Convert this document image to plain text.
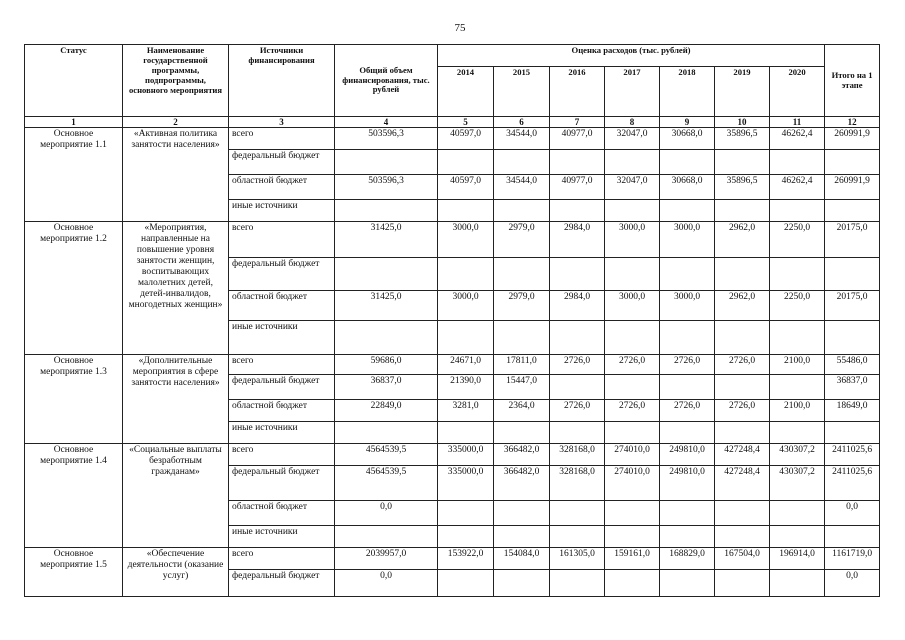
75
Статус	Наименование государственной программы, подпрограммы, основного мероприятия	Источники финансирования	Общий объем финансирования, тыс. рублей	Оценка расходов (тыс. рублей)							Итого на 1 этапе
				2014	2015	2016	2017	2018	2019	2020	
1	2	3	4	5	6	7	8	9	10	11	12
Основное мероприятие 1.1	«Активная политика занятости населения»	всего	503596,3	40597,0	34544,0	40977,0	32047,0	30668,0	35896,5	46262,4	260991,9
		федеральный бюджет									
		областной бюджет	503596,3	40597,0	34544,0	40977,0	32047,0	30668,0	35896,5	46262,4	260991,9
		иные источники									
Основное мероприятие 1.2	«Мероприятия, направленные на повышение уровня занятости женщин, воспитывающих малолетних детей, детей-инвалидов, многодетных женщин»	всего	31425,0	3000,0	2979,0	2984,0	3000,0	3000,0	2962,0	2250,0	20175,0
		федеральный бюджет									
		областной бюджет	31425,0	3000,0	2979,0	2984,0	3000,0	3000,0	2962,0	2250,0	20175,0
		иные источники									
Основное мероприятие 1.3	«Дополнительные мероприятия в сфере занятости населения»	всего	59686,0	24671,0	17811,0	2726,0	2726,0	2726,0	2726,0	2100,0	55486,0
		федеральный бюджет	36837,0	21390,0	15447,0						36837,0
		областной бюджет	22849,0	3281,0	2364,0	2726,0	2726,0	2726,0	2726,0	2100,0	18649,0
		иные источники									
Основное мероприятие 1.4	«Социальные выплаты безработным гражданам»	всего	4564539,5	335000,0	366482,0	328168,0	274010,0	249810,0	427248,4	430307,2	2411025,6
		федеральный бюджет	4564539,5	335000,0	366482,0	328168,0	274010,0	249810,0	427248,4	430307,2	2411025,6
		областной бюджет	0,0								0,0
		иные источники									
Основное мероприятие 1.5	«Обеспечение деятельности (оказание услуг)	всего	2039957,0	153922,0	154084,0	161305,0	159161,0	168829,0	167504,0	196914,0	1161719,0
		федеральный бюджет	0,0								0,0
